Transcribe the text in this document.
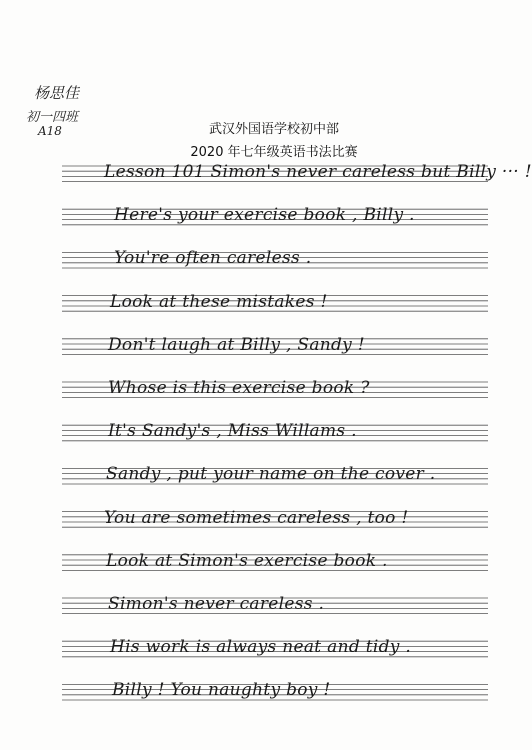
杨思佳
初一四班
A18	武汉外国语学校初中部
2020 年七年级英语书法比赛
Lesson 101 Simon's never careless but Billy ··· !
Here's your exercise book , Billy .
You're often careless .
Look at these mistakes !
Don't laugh at Billy , Sandy !
Whose is this exercise book ?
It's Sandy's , Miss Willams .
Sandy , put your name on the cover .
You are sometimes careless , too !
Look at Simon's exercise book .
Simon's never careless .
His work is always neat and tidy .
Billy ! You naughty boy !
